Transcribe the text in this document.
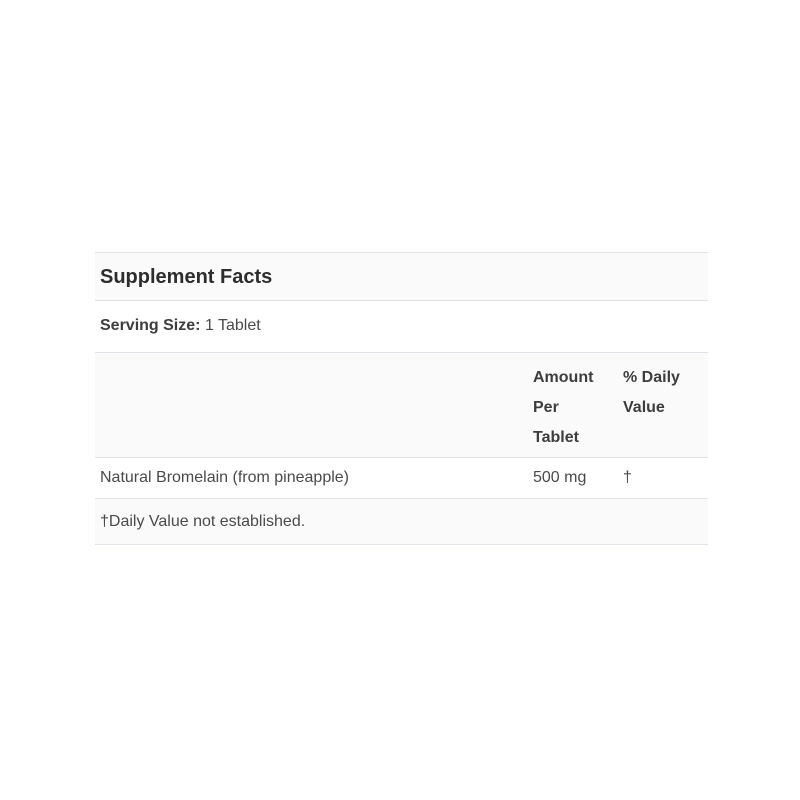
Supplement Facts
Serving Size: 1 Tablet
Amount Per Tablet
% Daily Value
Natural Bromelain (from pineapple)	500 mg	†
†Daily Value not established.
